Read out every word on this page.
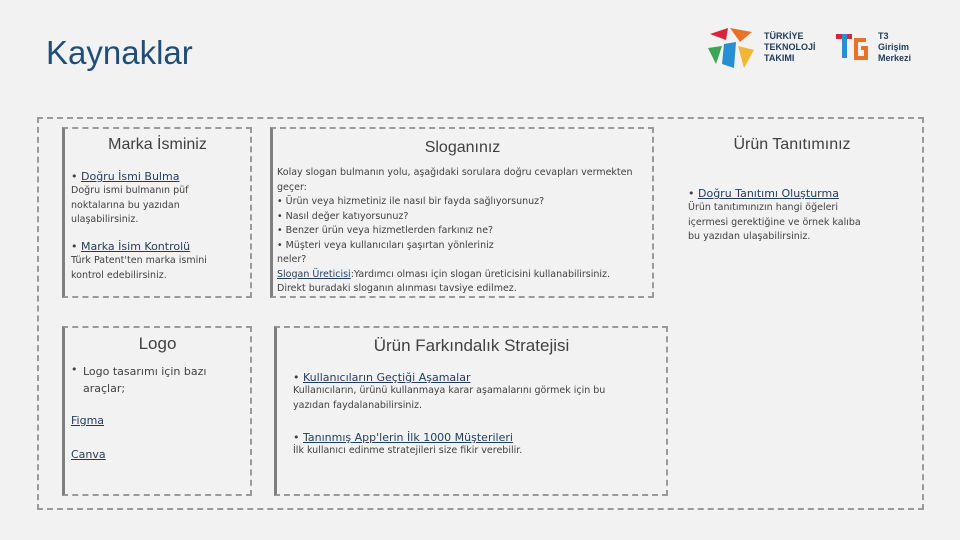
Kaynaklar	TÜRKİYE
TEKNOLOJİ
TAKIMI
T3
Girişim
Merkezi
Marka İsminiz
• Doğru İsmi Bulma
Doğru ismi bulmanın püf noktalarına bu yazıdan ulaşabilirsiniz.
• Marka İsim Kontrolü
Türk Patent'ten marka ismini kontrol edebilirsiniz.
Sloganınız
Kolay slogan bulmanın yolu, aşağıdaki sorulara doğru cevapları vermekten geçer:
• Ürün veya hizmetiniz ile nasıl bir fayda sağlıyorsunuz?
• Nasıl değer katıyorsunuz?
• Benzer ürün veya hizmetlerden farkınız ne?
• Müşteri veya kullanıcıları şaşırtan yönleriniz
neler?
Slogan Üreticisi:Yardımcı olması için slogan üreticisini kullanabilirsiniz.
Direkt buradaki sloganın alınması tavsiye edilmez.
Ürün Tanıtımınız
• Doğru Tanıtımı Oluşturma
Ürün tanıtımınızın hangi öğeleri içermesi gerektiğine ve örnek kalıba bu yazıdan ulaşabilirsiniz.
Logo
• Logo tasarımı için bazı araçlar;
Figma
Canva
Ürün Farkındalık Stratejisi
• Kullanıcıların Geçtiği Aşamalar
Kullanıcıların, ürünü kullanmaya karar aşamalarını görmek için bu yazıdan faydalanabilirsiniz.
• Tanınmış App'lerin İlk 1000 Müşterileri
İlk kullanıcı edinme stratejileri size fikir verebilir.
